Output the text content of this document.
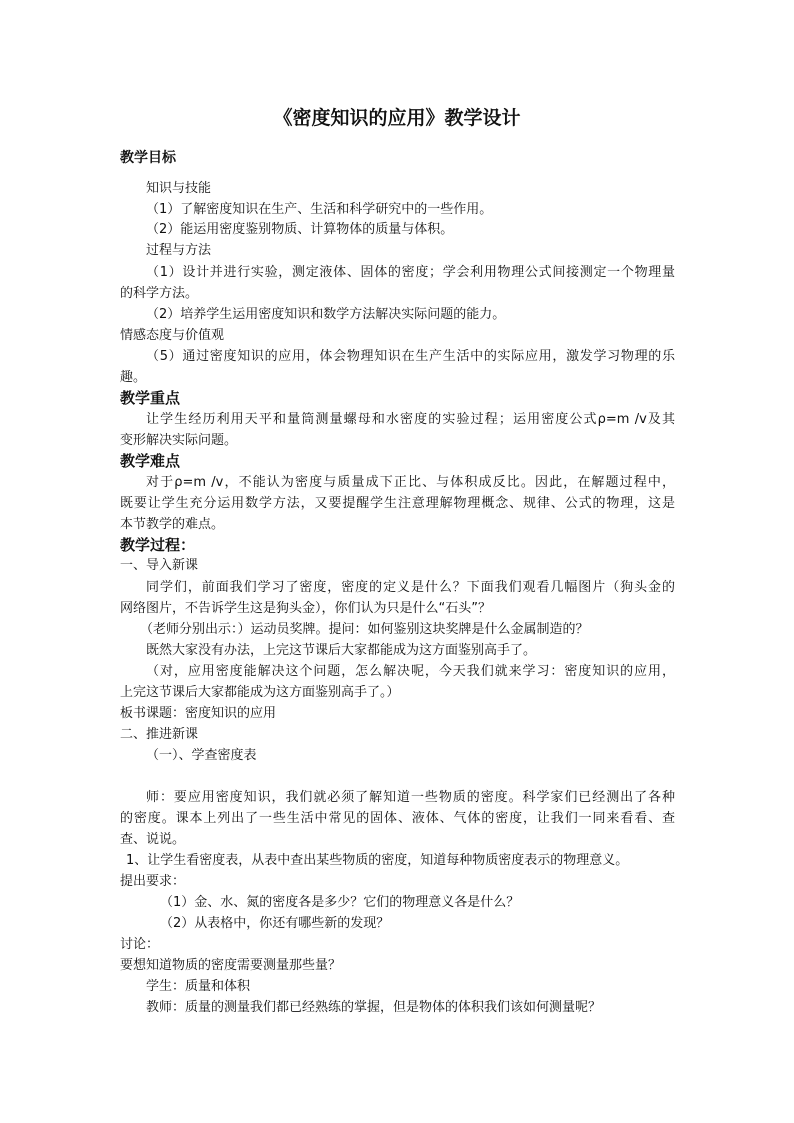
《密度知识的应用》教学设计
教学目标
知识与技能
（1）了解密度知识在生产、生活和科学研究中的一些作用。
（2）能运用密度鉴别物质、计算物体的质量与体积。
过程与方法
（1）设计并进行实验，测定液体、固体的密度；学会利用物理公式间接测定一个物理量
的科学方法。
（2）培养学生运用密度知识和数学方法解决实际问题的能力。
情感态度与价值观
（5）通过密度知识的应用，体会物理知识在生产生活中的实际应用，激发学习物理的乐
趣。
教学重点
让学生经历利用天平和量筒测量螺母和水密度的实验过程；运用密度公式ρ=m /v及其
变形解决实际问题。
教学难点
对于ρ=m /v，不能认为密度与质量成下正比、与体积成反比。因此，在解题过程中，
既要让学生充分运用数学方法，又要提醒学生注意理解物理概念、规律、公式的物理，这是
本节教学的难点。
教学过程：
一、导入新课
同学们，前面我们学习了密度，密度的定义是什么？下面我们观看几幅图片（狗头金的
网络图片，不告诉学生这是狗头金），你们认为只是什么“石头”？
（老师分别出示：）运动员奖牌。提问：如何鉴别这块奖牌是什么金属制造的？
既然大家没有办法，上完这节课后大家都能成为这方面鉴别高手了。
（对，应用密度能解决这个问题，怎么解决呢，今天我们就来学习：密度知识的应用，
上完这节课后大家都能成为这方面鉴别高手了。）
板书课题：密度知识的应用
二、推进新课
（一）、学查密度表
师：要应用密度知识，我们就必须了解知道一些物质的密度。科学家们已经测出了各种
的密度。课本上列出了一些生活中常见的固体、液体、气体的密度，让我们一同来看看、查
查、说说。
1、让学生看密度表，从表中查出某些物质的密度，知道每种物质密度表示的物理意义。
提出要求：
（1）金、水、氮的密度各是多少？它们的物理意义各是什么？
（2）从表格中，你还有哪些新的发现？
讨论：
要想知道物质的密度需要测量那些量？
学生：质量和体积
教师：质量的测量我们都已经熟练的掌握，但是物体的体积我们该如何测量呢？
